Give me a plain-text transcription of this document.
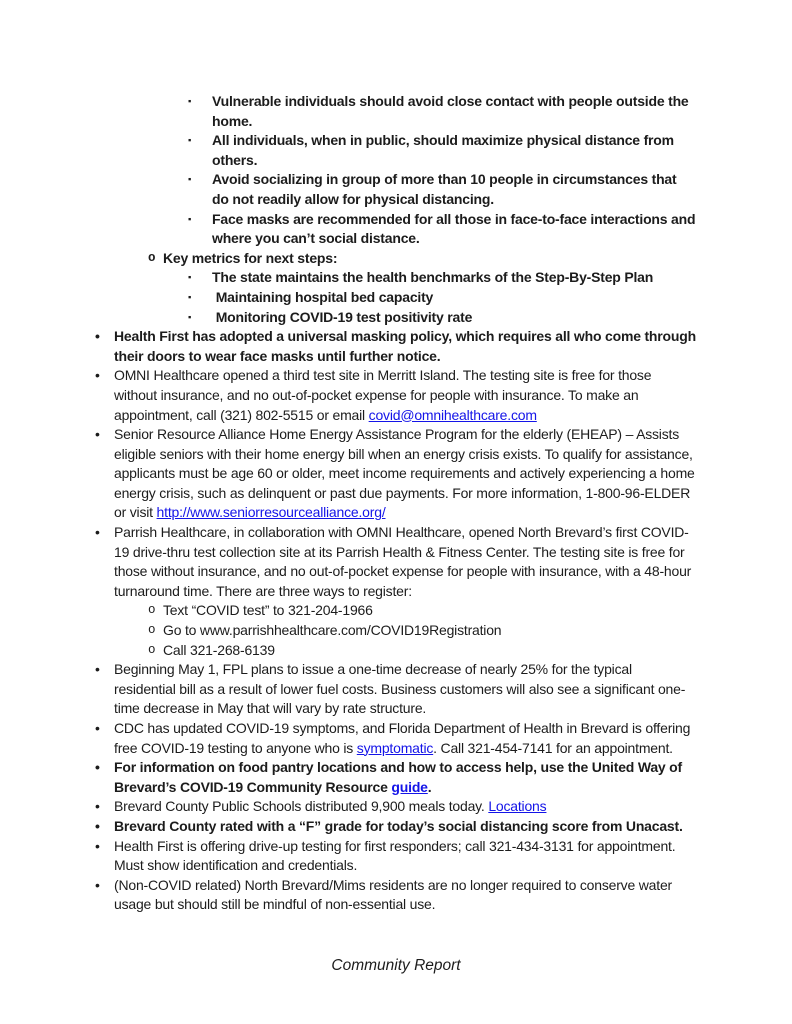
▪ Vulnerable individuals should avoid close contact with people outside the home.
▪ All individuals, when in public, should maximize physical distance from others.
▪ Avoid socializing in group of more than 10 people in circumstances that do not readily allow for physical distancing.
▪ Face masks are recommended for all those in face-to-face interactions and where you can’t social distance.
o Key metrics for next steps:
▪ The state maintains the health benchmarks of the Step-By-Step Plan
▪ Maintaining hospital bed capacity
▪ Monitoring COVID-19 test positivity rate
• Health First has adopted a universal masking policy, which requires all who come through their doors to wear face masks until further notice.
• OMNI Healthcare opened a third test site in Merritt Island. The testing site is free for those without insurance, and no out-of-pocket expense for people with insurance. To make an appointment, call (321) 802-5515 or email covid@omnihealthcare.com
• Senior Resource Alliance Home Energy Assistance Program for the elderly (EHEAP) – Assists eligible seniors with their home energy bill when an energy crisis exists. To qualify for assistance, applicants must be age 60 or older, meet income requirements and actively experiencing a home energy crisis, such as delinquent or past due payments. For more information, 1-800-96-ELDER or visit http://www.seniorresourcealliance.org/
• Parrish Healthcare, in collaboration with OMNI Healthcare, opened North Brevard’s first COVID-19 drive-thru test collection site at its Parrish Health & Fitness Center. The testing site is free for those without insurance, and no out-of-pocket expense for people with insurance, with a 48-hour turnaround time. There are three ways to register:
o Text “COVID test” to 321-204-1966
o Go to www.parrishhealthcare.com/COVID19Registration
o Call 321-268-6139
• Beginning May 1, FPL plans to issue a one-time decrease of nearly 25% for the typical residential bill as a result of lower fuel costs. Business customers will also see a significant one-time decrease in May that will vary by rate structure.
• CDC has updated COVID-19 symptoms, and Florida Department of Health in Brevard is offering free COVID-19 testing to anyone who is symptomatic. Call 321-454-7141 for an appointment.
• For information on food pantry locations and how to access help, use the United Way of Brevard’s COVID-19 Community Resource guide.
• Brevard County Public Schools distributed 9,900 meals today. Locations
• Brevard County rated with a “F” grade for today’s social distancing score from Unacast.
• Health First is offering drive-up testing for first responders; call 321-434-3131 for appointment. Must show identification and credentials.
• (Non-COVID related) North Brevard/Mims residents are no longer required to conserve water usage but should still be mindful of non-essential use.
Community Report
